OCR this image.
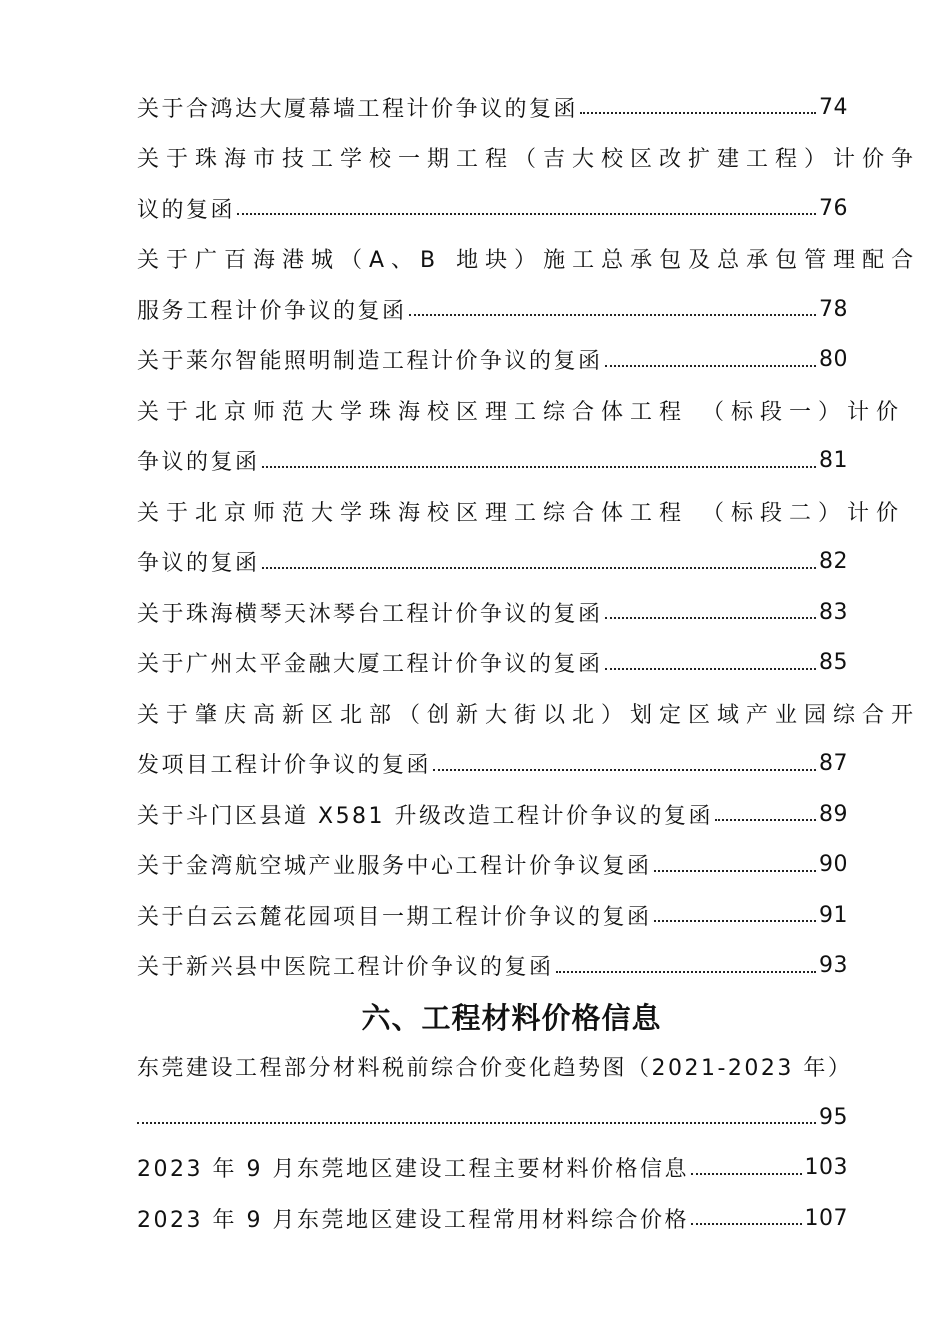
关于合鸿达大厦幕墙工程计价争议的复函	74
关于珠海市技工学校一期工程（吉大校区改扩建工程）计价争
议的复函	76
关于广百海港城（A、B 地块）施工总承包及总承包管理配合
服务工程计价争议的复函	78
关于莱尔智能照明制造工程计价争议的复函	80
关于北京师范大学珠海校区理工综合体工程 （标段一）计价
争议的复函	81
关于北京师范大学珠海校区理工综合体工程 （标段二）计价
争议的复函	82
关于珠海横琴天沐琴台工程计价争议的复函	83
关于广州太平金融大厦工程计价争议的复函	85
关于肇庆高新区北部（创新大街以北）划定区域产业园综合开
发项目工程计价争议的复函	87
关于斗门区县道 X581 升级改造工程计价争议的复函	89
关于金湾航空城产业服务中心工程计价争议复函	90
关于白云云麓花园项目一期工程计价争议的复函	91
关于新兴县中医院工程计价争议的复函	93
六、工程材料价格信息
东莞建设工程部分材料税前综合价变化趋势图（2021-2023 年）
95
2023 年 9 月东莞地区建设工程主要材料价格信息	103
2023 年 9 月东莞地区建设工程常用材料综合价格	107
